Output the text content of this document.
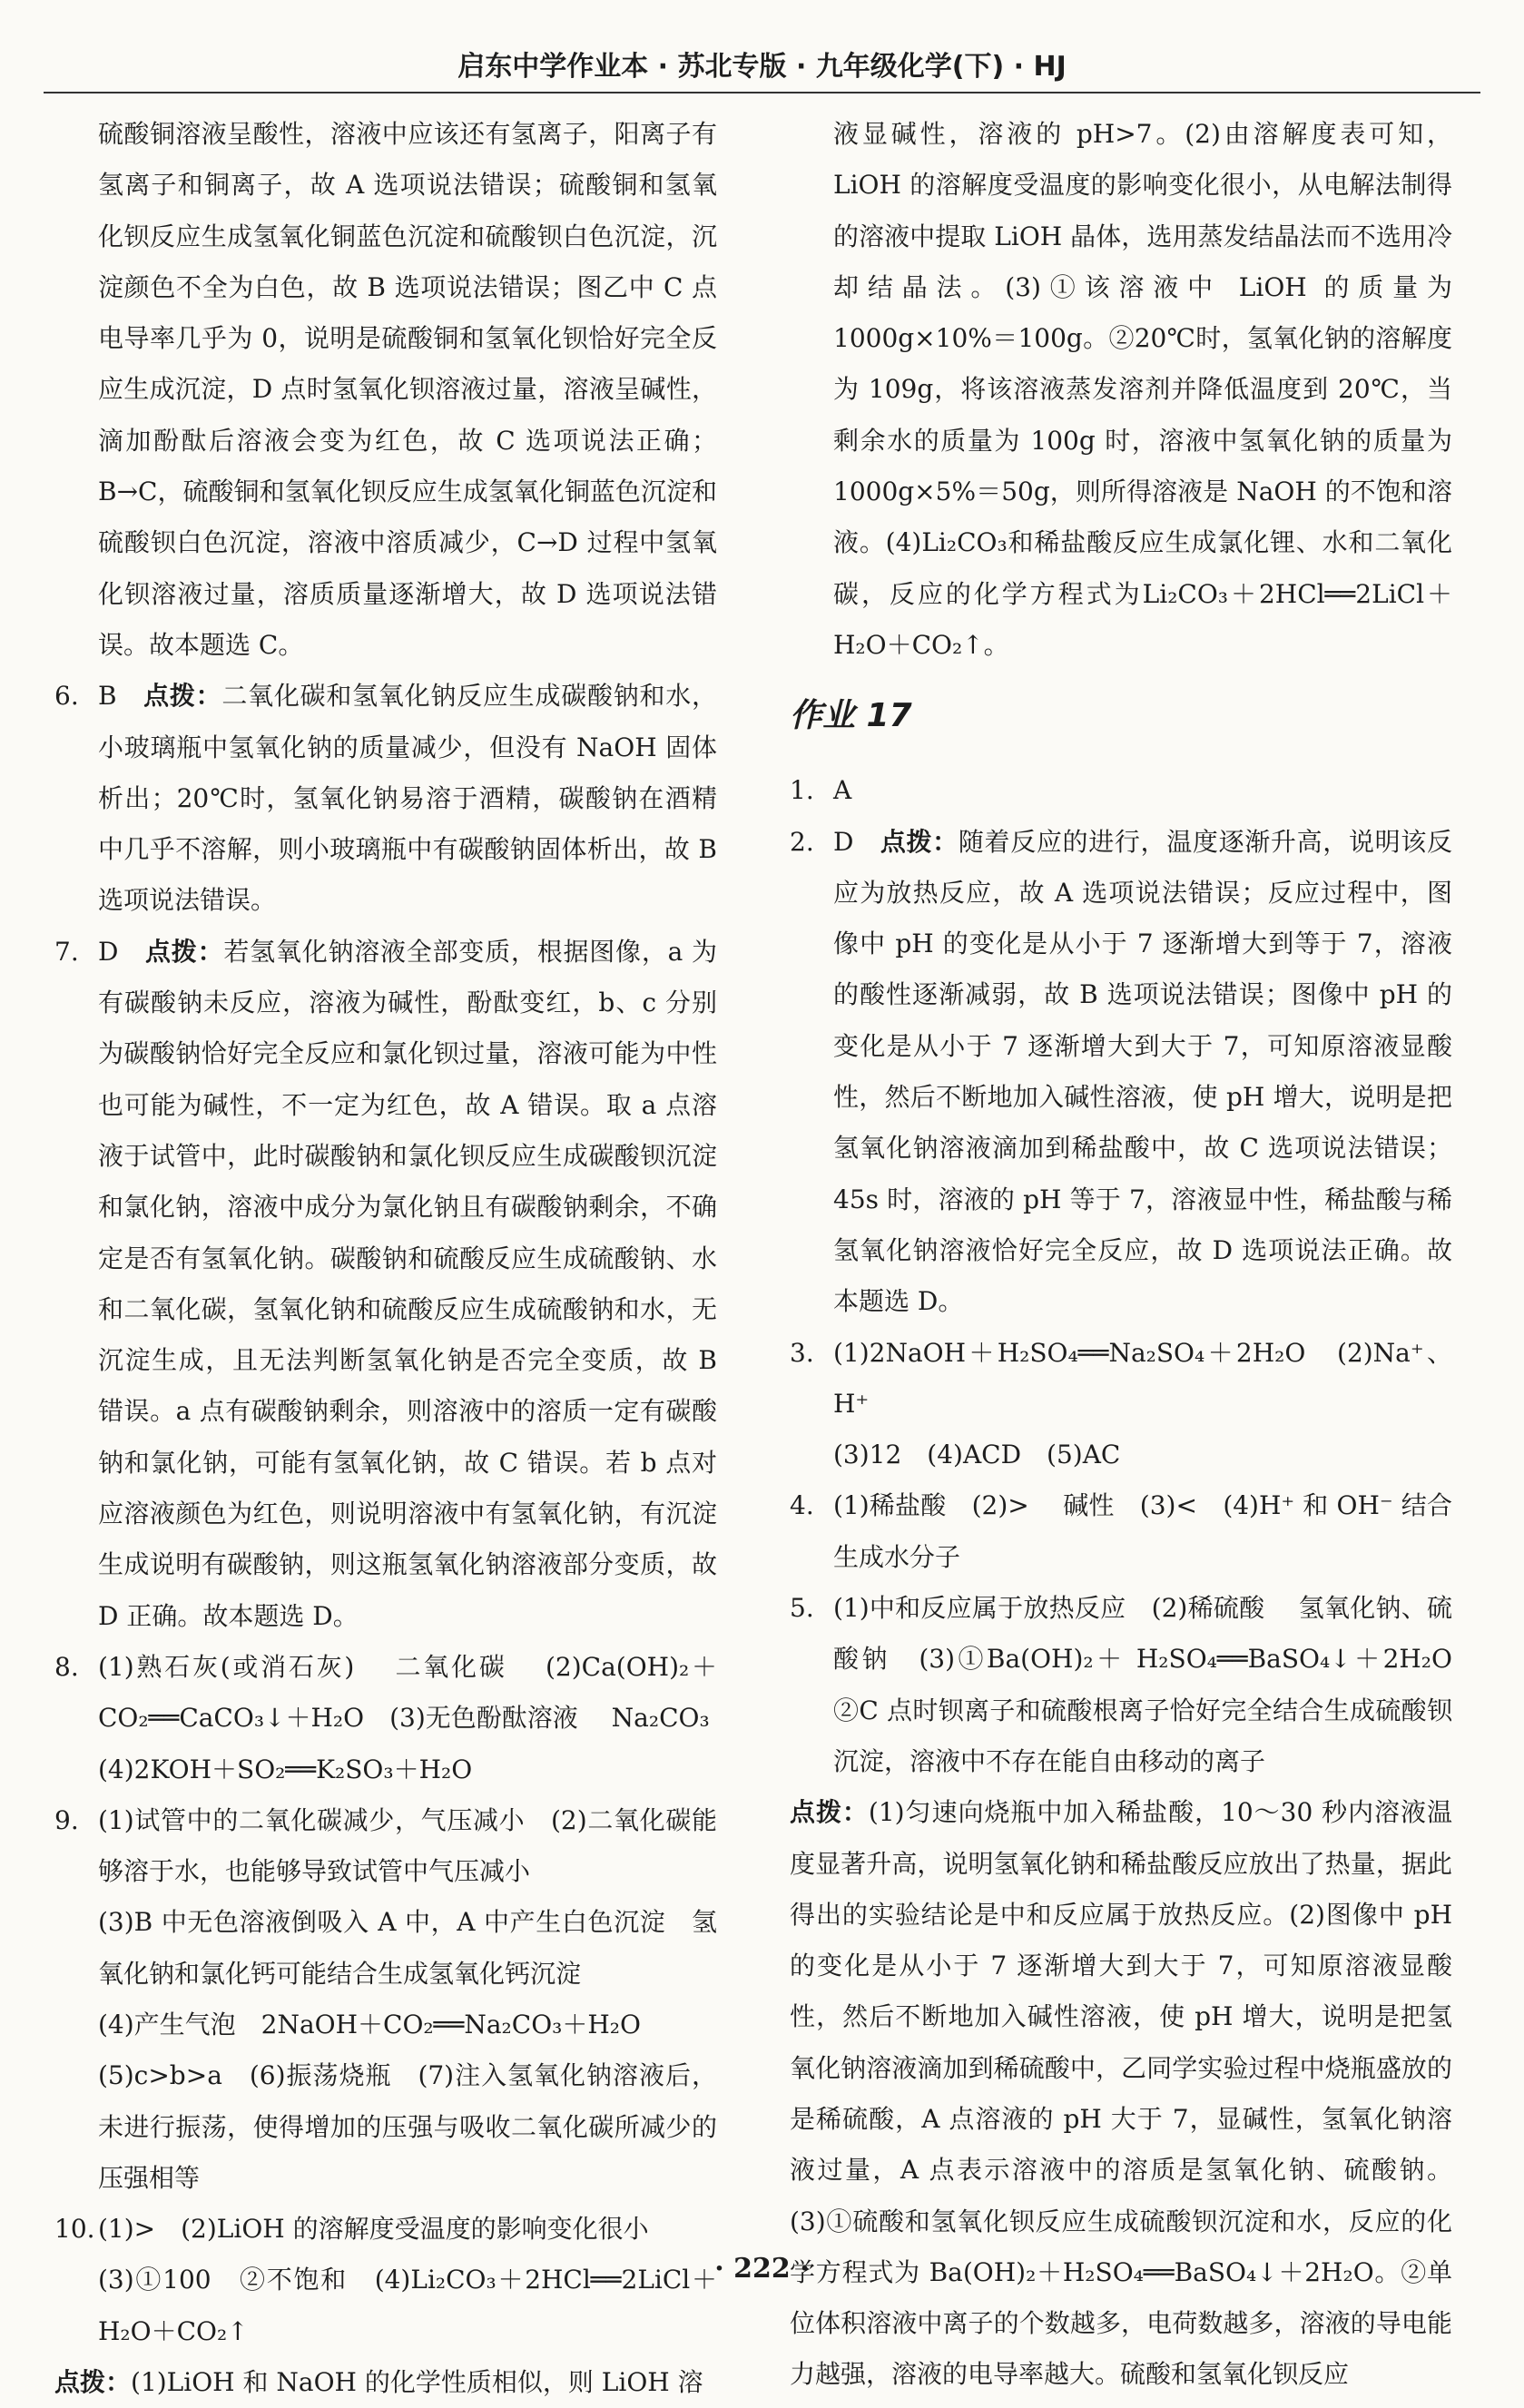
启东中学作业本 · 苏北专版 · 九年级化学(下) · HJ
硫酸铜溶液呈酸性，溶液中应该还有氢离子，阳离子有氢离子和铜离子，故 A 选项说法错误；硫酸铜和氢氧化钡反应生成氢氧化铜蓝色沉淀和硫酸钡白色沉淀，沉淀颜色不全为白色，故 B 选项说法错误；图乙中 C 点电导率几乎为 0，说明是硫酸铜和氢氧化钡恰好完全反应生成沉淀，D 点时氢氧化钡溶液过量，溶液呈碱性，滴加酚酞后溶液会变为红色，故 C 选项说法正确；B→C，硫酸铜和氢氧化钡反应生成氢氧化铜蓝色沉淀和硫酸钡白色沉淀，溶液中溶质减少，C→D 过程中氢氧化钡溶液过量，溶质质量逐渐增大，故 D 选项说法错误。故本题选 C。
6. B　 点拨：二氧化碳和氢氧化钠反应生成碳酸钠和水，小玻璃瓶中氢氧化钠的质量减少，但没有 NaOH 固体析出；20℃时，氢氧化钠易溶于酒精，碳酸钠在酒精中几乎不溶解，则小玻璃瓶中有碳酸钠固体析出，故 B 选项说法错误。
7. D　 点拨：若氢氧化钠溶液全部变质，根据图像，a 为有碳酸钠未反应，溶液为碱性，酚酞变红，b、c 分别为碳酸钠恰好完全反应和氯化钡过量，溶液可能为中性也可能为碱性，不一定为红色，故 A 错误。取 a 点溶液于试管中，此时碳酸钠和氯化钡反应生成碳酸钡沉淀和氯化钠，溶液中成分为氯化钠且有碳酸钠剩余，不确定是否有氢氧化钠。碳酸钠和硫酸反应生成硫酸钠、水和二氧化碳，氢氧化钠和硫酸反应生成硫酸钠和水，无沉淀生成，且无法判断氢氧化钠是否完全变质，故 B 错误。a 点有碳酸钠剩余，则溶液中的溶质一定有碳酸钠和氯化钠，可能有氢氧化钠，故 C 错误。若 b 点对应溶液颜色为红色，则说明溶液中有氢氧化钠，有沉淀生成说明有碳酸钠，则这瓶氢氧化钠溶液部分变质，故 D 正确。故本题选 D。
8. (1)熟石灰(或消石灰)　 二氧化碳　 (2)Ca(OH)₂＋CO₂══CaCO₃↓＋H₂O　(3)无色酚酞溶液　 Na₂CO₃
(4)2KOH＋SO₂══K₂SO₃＋H₂O
9. (1)试管中的二氧化碳减少，气压减小　(2)二氧化碳能够溶于水，也能够导致试管中气压减小
(3)B 中无色溶液倒吸入 A 中，A 中产生白色沉淀　氢氧化钠和氯化钙可能结合生成氢氧化钙沉淀
(4)产生气泡　2NaOH＋CO₂══Na₂CO₃＋H₂O
(5)c>b>a　(6)振荡烧瓶　(7)注入氢氧化钠溶液后，未进行振荡，使得增加的压强与吸收二氧化碳所减少的压强相等
10. (1)>　(2)LiOH 的溶解度受温度的影响变化很小
(3)①100　②不饱和　(4)Li₂CO₃＋2HCl══2LiCl＋H₂O＋CO₂↑
点拨：(1)LiOH 和 NaOH 的化学性质相似，则 LiOH 溶
液显碱性，溶液的 pH>7。(2)由溶解度表可知，LiOH 的溶解度受温度的影响变化很小，从电解法制得的溶液中提取 LiOH 晶体，选用蒸发结晶法而不选用冷却结晶法。(3)①该溶液中 LiOH 的质量为 1000g×10%＝100g。②20℃时，氢氧化钠的溶解度为 109g，将该溶液蒸发溶剂并降低温度到 20℃，当剩余水的质量为 100g 时，溶液中氢氧化钠的质量为 1000g×5%＝50g，则所得溶液是 NaOH 的不饱和溶液。(4)Li₂CO₃和稀盐酸反应生成氯化锂、水和二氧化碳，反应的化学方程式为Li₂CO₃＋2HCl══2LiCl＋H₂O＋CO₂↑。
作业 17
1. A
2. D　 点拨：随着反应的进行，温度逐渐升高，说明该反应为放热反应，故 A 选项说法错误；反应过程中，图像中 pH 的变化是从小于 7 逐渐增大到等于 7，溶液的酸性逐渐减弱，故 B 选项说法错误；图像中 pH 的变化是从小于 7 逐渐增大到大于 7，可知原溶液显酸性，然后不断地加入碱性溶液，使 pH 增大，说明是把氢氧化钠溶液滴加到稀盐酸中，故 C 选项说法错误；45s 时，溶液的 pH 等于 7，溶液显中性，稀盐酸与稀氢氧化钠溶液恰好完全反应，故 D 选项说法正确。故本题选 D。
3. (1)2NaOH＋H₂SO₄══Na₂SO₄＋2H₂O　(2)Na⁺、H⁺
(3)12　(4)ACD　(5)AC
4. (1)稀盐酸　(2)>　 碱性　(3)<　(4)H⁺ 和 OH⁻ 结合生成水分子
5. (1)中和反应属于放热反应　(2)稀硫酸　 氢氧化钠、硫酸钠　(3)①Ba(OH)₂＋ H₂SO₄══BaSO₄↓＋2H₂O　②C 点时钡离子和硫酸根离子恰好完全结合生成硫酸钡沉淀，溶液中不存在能自由移动的离子
点拨：(1)匀速向烧瓶中加入稀盐酸，10～30 秒内溶液温度显著升高，说明氢氧化钠和稀盐酸反应放出了热量，据此得出的实验结论是中和反应属于放热反应。(2)图像中 pH 的变化是从小于 7 逐渐增大到大于 7，可知原溶液显酸性，然后不断地加入碱性溶液，使 pH 增大，说明是把氢氧化钠溶液滴加到稀硫酸中，乙同学实验过程中烧瓶盛放的是稀硫酸，A 点溶液的 pH 大于 7，显碱性，氢氧化钠溶液过量，A 点表示溶液中的溶质是氢氧化钠、硫酸钠。(3)①硫酸和氢氧化钡反应生成硫酸钡沉淀和水，反应的化学方程式为 Ba(OH)₂＋H₂SO₄══BaSO₄↓＋2H₂O。②单位体积溶液中离子的个数越多，电荷数越多，溶液的导电能力越强，溶液的电导率越大。硫酸和氢氧化钡反应
· 222 ·
